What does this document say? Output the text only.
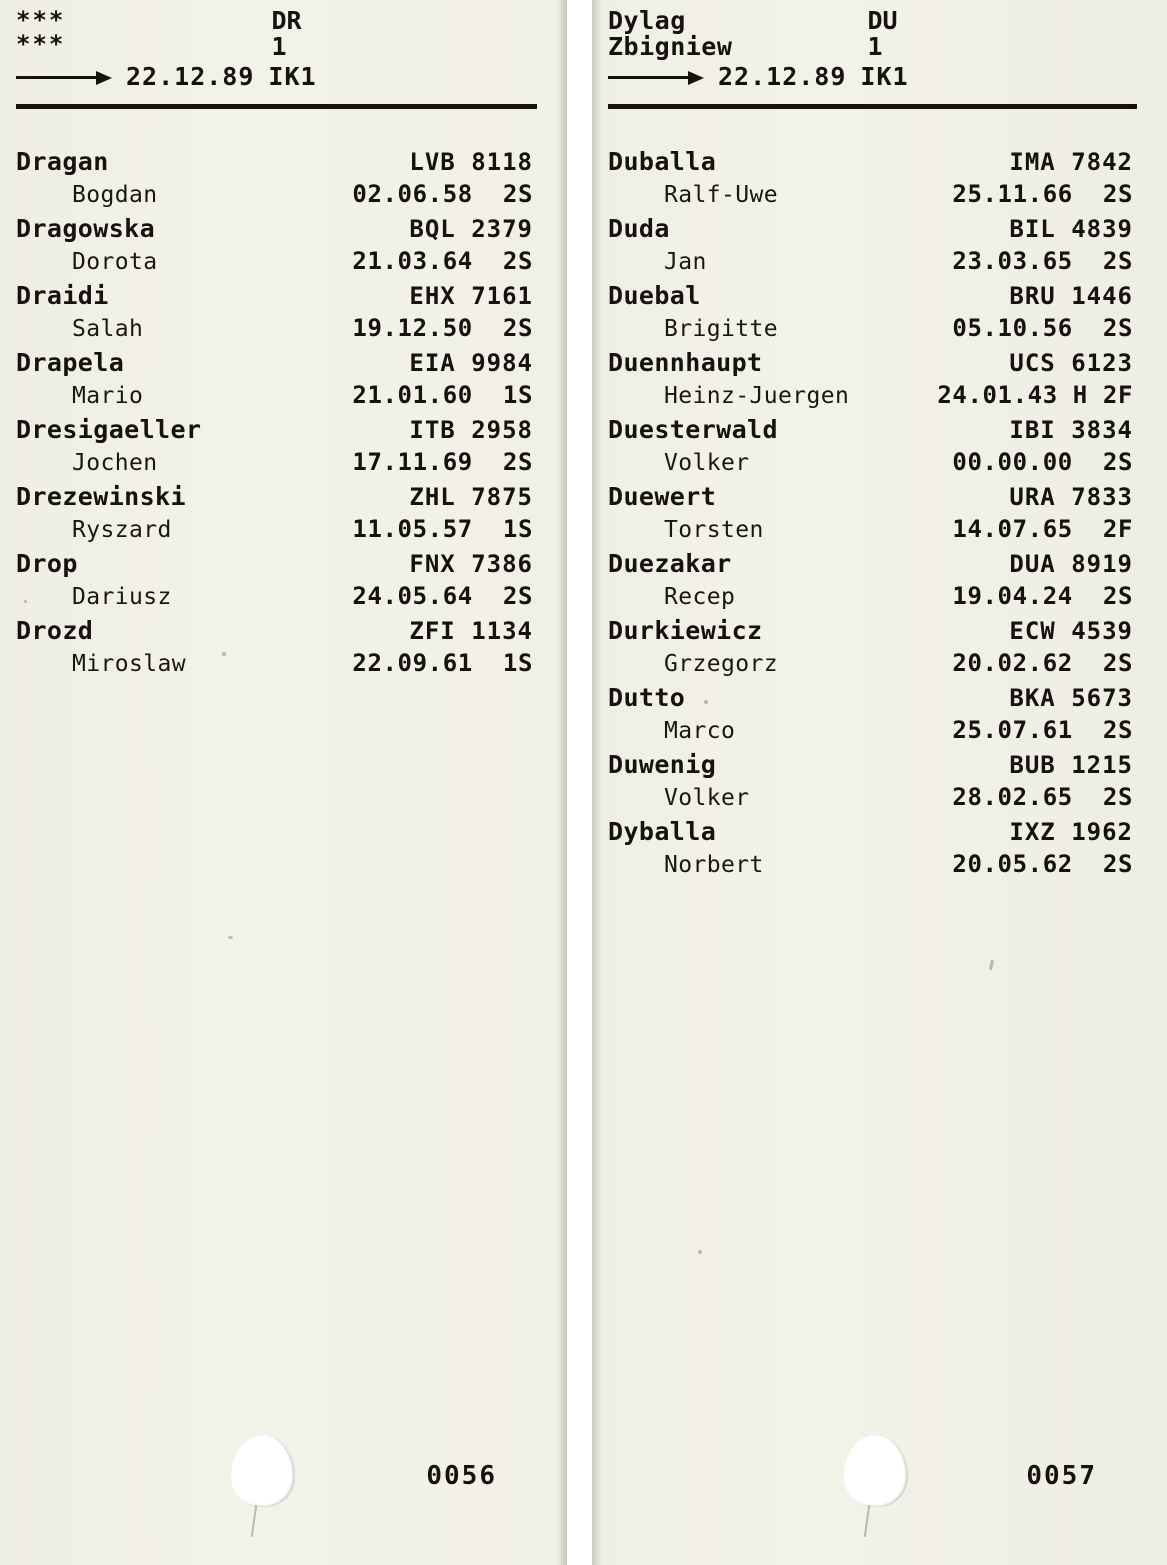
***
***
DR
1
22.12.89 IK1
Dragan	LVB 8118
Bogdan	02.06.58  2S
Dragowska	BQL 2379
Dorota	21.03.64  2S
Draidi	EHX 7161
Salah	19.12.50  2S
Drapela	EIA 9984
Mario	21.01.60  1S
Dresigaeller	ITB 2958
Jochen	17.11.69  2S
Drezewinski	ZHL 7875
Ryszard	11.05.57  1S
Drop	FNX 7386
Dariusz	24.05.64  2S
Drozd	ZFI 1134
Miroslaw	22.09.61  1S
0056
Dylag
Zbigniew
DU
1
22.12.89 IK1
Duballa	IMA 7842
Ralf-Uwe	25.11.66  2S
Duda	BIL 4839
Jan	23.03.65  2S
Duebal	BRU 1446
Brigitte	05.10.56  2S
Duennhaupt	UCS 6123
Heinz-Juergen	24.01.43 H 2F
Duesterwald	IBI 3834
Volker	00.00.00  2S
Duewert	URA 7833
Torsten	14.07.65  2F
Duezakar	DUA 8919
Recep	19.04.24  2S
Durkiewicz	ECW 4539
Grzegorz	20.02.62  2S
Dutto	BKA 5673
Marco	25.07.61  2S
Duwenig	BUB 1215
Volker	28.02.65  2S
Dyballa	IXZ 1962
Norbert	20.05.62  2S
0057
